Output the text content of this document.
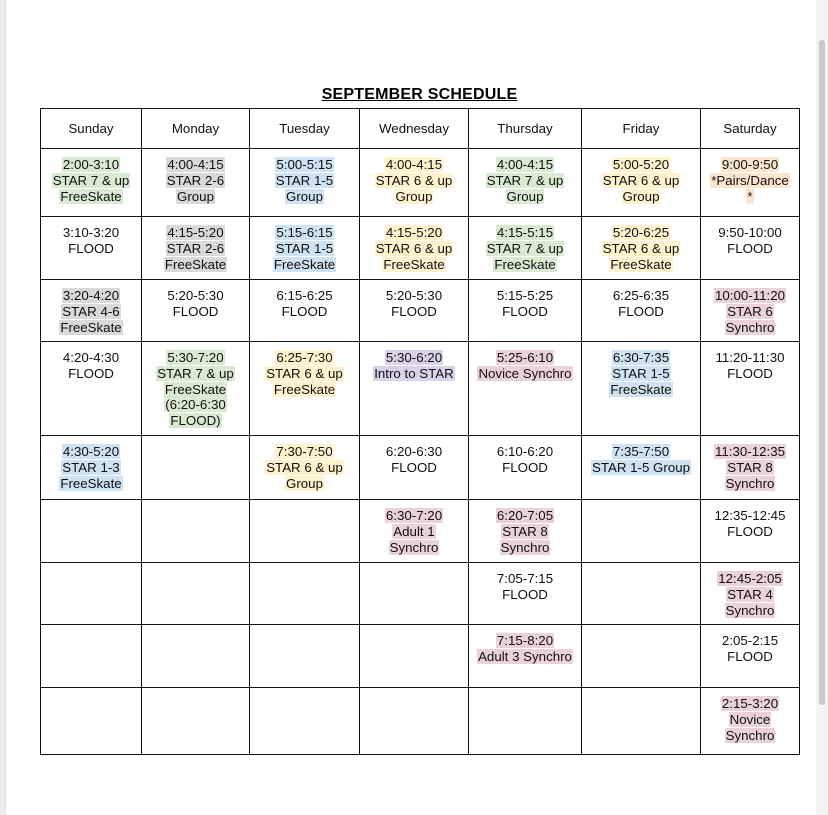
SEPTEMBER SCHEDULE
Sunday	Monday	Tuesday	Wednesday	Thursday	Friday	Saturday
2:00-3:10
STAR 7 & up
FreeSkate	4:00-4:15
STAR 2-6
Group	5:00-5:15
STAR 1-5
Group	4:00-4:15
STAR 6 & up
Group	4:00-4:15
STAR 7 & up
Group	5:00-5:20
STAR 6 & up
Group	9:00-9:50
*Pairs/Dance
*
3:10-3:20
FLOOD	4:15-5:20
STAR 2-6
FreeSkate	5:15-6:15
STAR 1-5
FreeSkate	4:15-5:20
STAR 6 & up
FreeSkate	4:15-5:15
STAR 7 & up
FreeSkate	5:20-6:25
STAR 6 & up
FreeSkate	9:50-10:00
FLOOD
3:20-4:20
STAR 4-6
FreeSkate	5:20-5:30
FLOOD	6:15-6:25
FLOOD	5:20-5:30
FLOOD	5:15-5:25
FLOOD	6:25-6:35
FLOOD	10:00-11:20
STAR 6
Synchro
4:20-4:30
FLOOD	5:30-7:20
STAR 7 & up
FreeSkate
(6:20-6:30
FLOOD)	6:25-7:30
STAR 6 & up
FreeSkate	5:30-6:20
Intro to STAR	5:25-6:10
Novice Synchro	6:30-7:35
STAR 1-5
FreeSkate	11:20-11:30
FLOOD
4:30-5:20
STAR 1-3
FreeSkate		7:30-7:50
STAR 6 & up
Group	6:20-6:30
FLOOD	6:10-6:20
FLOOD	7:35-7:50
STAR 1-5 Group	11:30-12:35
STAR 8
Synchro
			6:30-7:20
Adult 1
Synchro	6:20-7:05
STAR 8
Synchro		12:35-12:45
FLOOD
				7:05-7:15
FLOOD		12:45-2:05
STAR 4
Synchro
				7:15-8:20
Adult 3 Synchro		2:05-2:15
FLOOD
						2:15-3:20
Novice
Synchro
